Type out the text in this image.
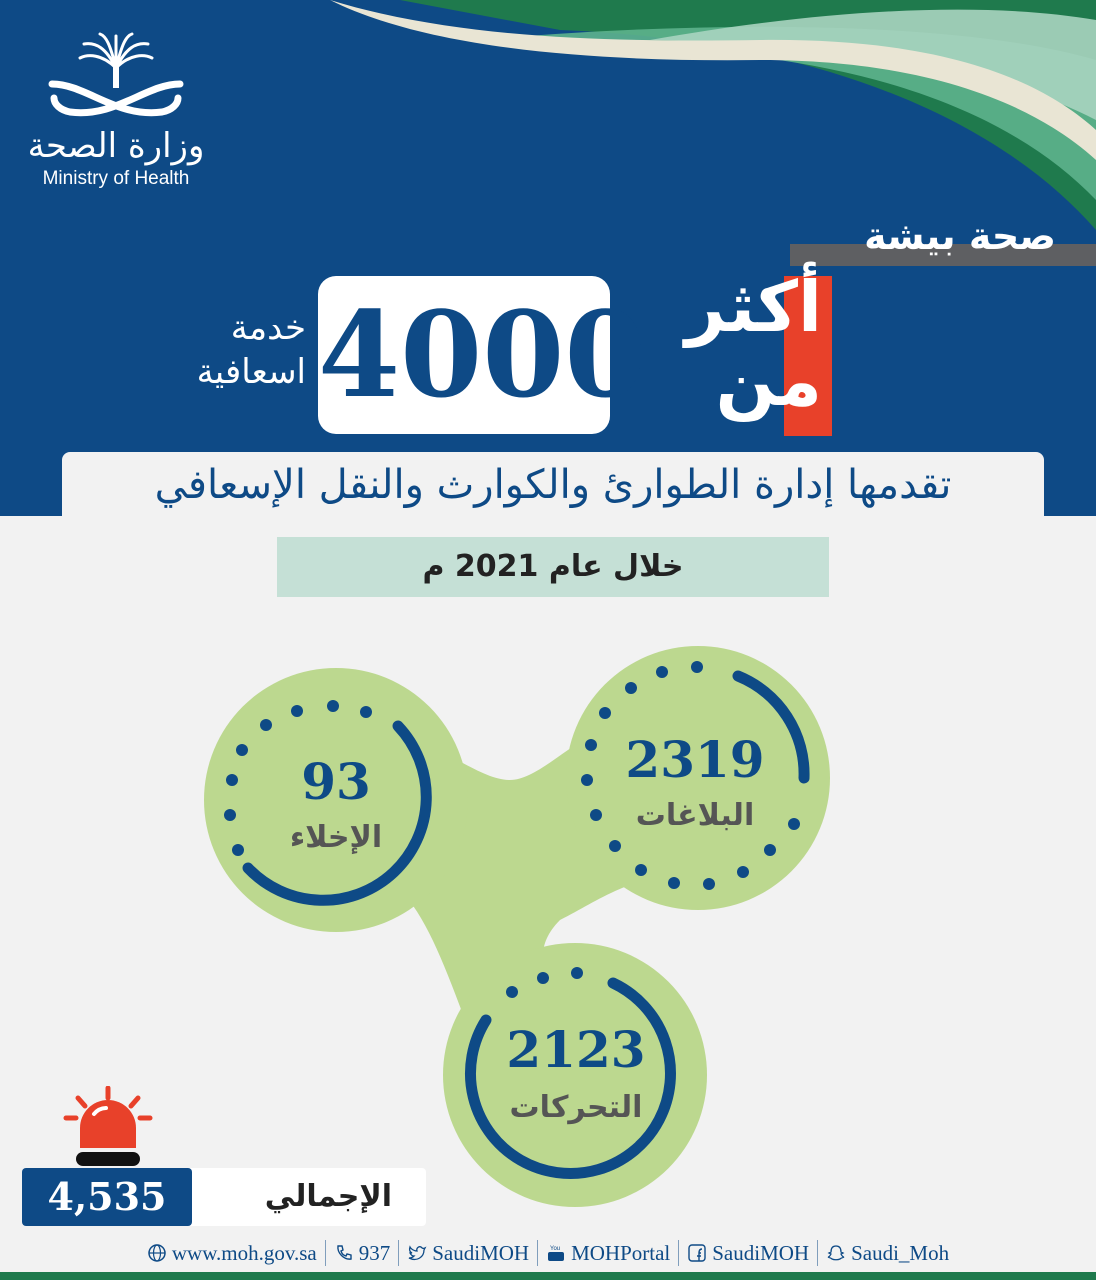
وزارة الصحة
Ministry of Health
صحة بيشة
أكثر من
4000
خدمة اسعافية
تقدمها إدارة الطوارئ والكوارث والنقل الإسعافي
خلال عام 2021 م
93
الإخلاء
2319
البلاغات
2123
التحركات
4,535	الإجمالي
www.moh.gov.sa 937 SaudiMOH	You MOHPortal SaudiMOH Saudi_Moh
